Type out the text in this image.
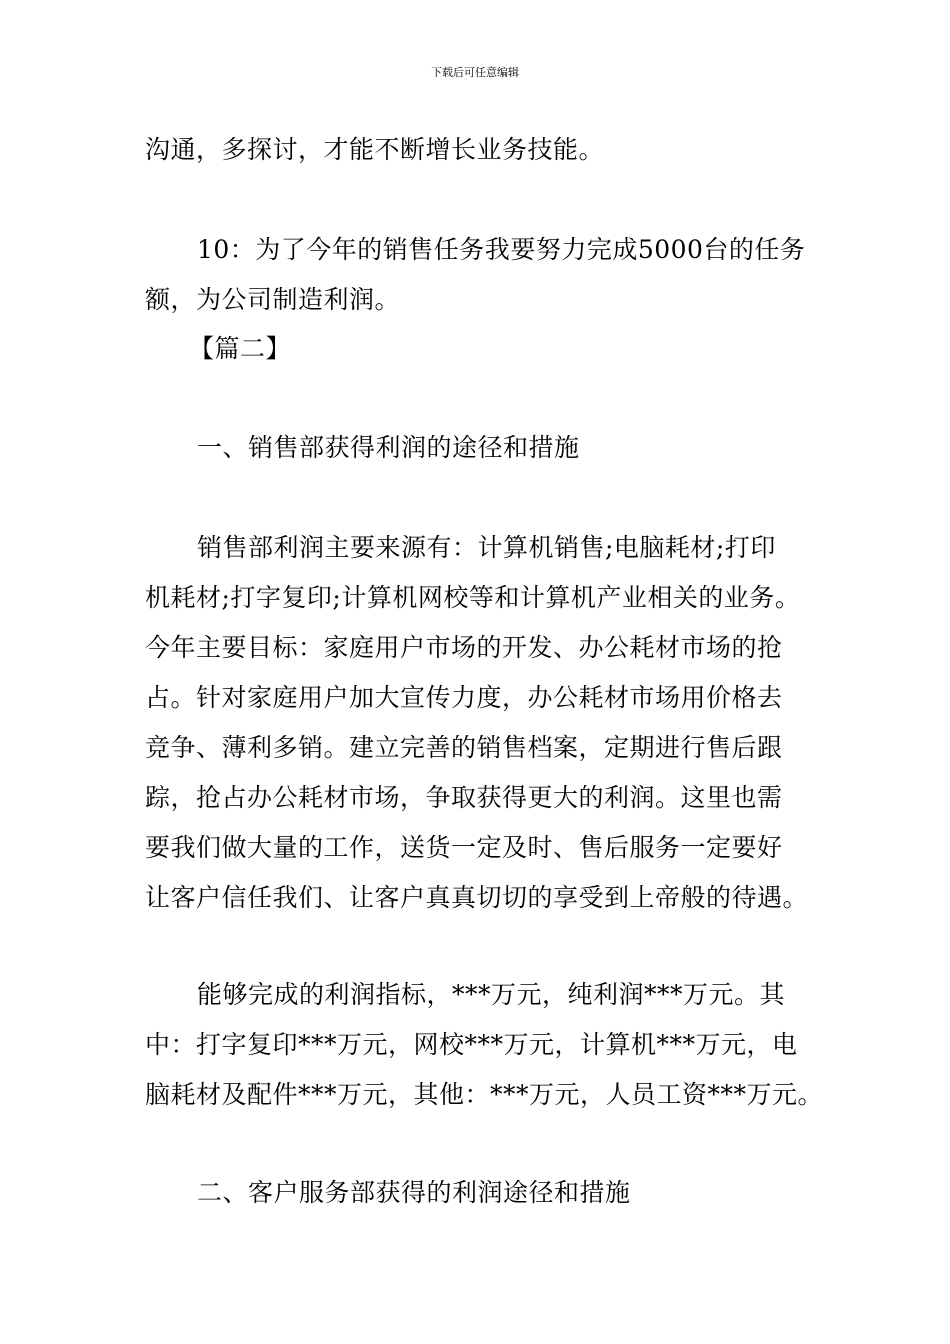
下载后可任意编辑
沟通，多探讨，才能不断增长业务技能。
10：为了今年的销售任务我要努力完成5000台的任务
额，为公司制造利润。
【篇二】
一、销售部获得利润的途径和措施
销售部利润主要来源有：计算机销售;电脑耗材;打印
机耗材;打字复印;计算机网校等和计算机产业相关的业务。
今年主要目标：家庭用户市场的开发、办公耗材市场的抢
占。针对家庭用户加大宣传力度，办公耗材市场用价格去
竞争、薄利多销。建立完善的销售档案，定期进行售后跟
踪，抢占办公耗材市场，争取获得更大的利润。这里也需
要我们做大量的工作，送货一定及时、售后服务一定要好
让客户信任我们、让客户真真切切的享受到上帝般的待遇。
能够完成的利润指标，***万元，纯利润***万元。其
中：打字复印***万元，网校***万元，计算机***万元，电
脑耗材及配件***万元，其他：***万元，人员工资***万元。
二、客户服务部获得的利润途径和措施
